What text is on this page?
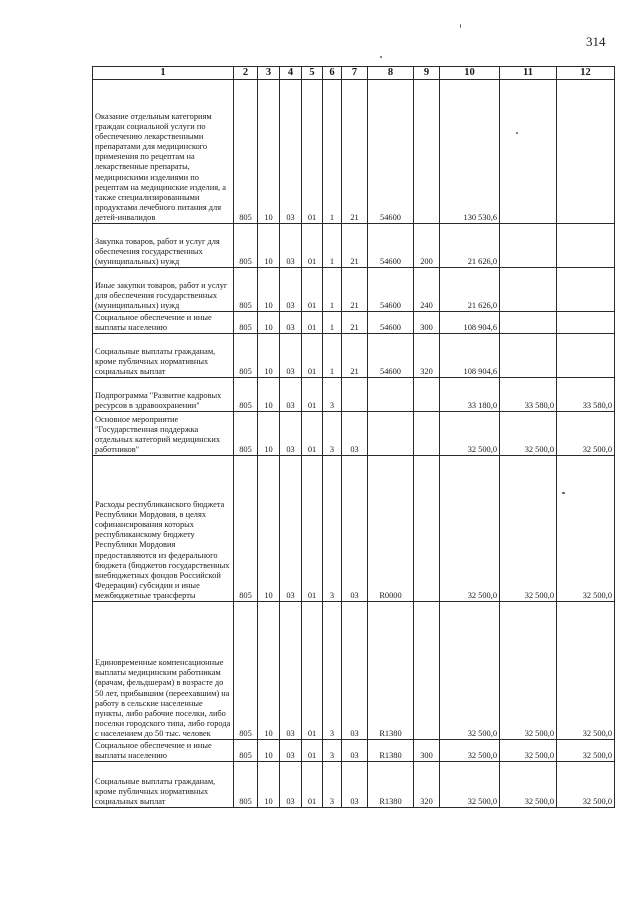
314
1	2	3	4	5	6	7	8	9	10	11	12
Оказание отдельным категориям граждан социальной услуги по обеспечению лекарственными препаратами для медицинского применения по рецептам на лекарственные препараты, медицинскими изделиями по рецептам на медицинские изделия, а также специализированными продуктами лечебного питания для детей-инвалидов	805	10	03	01	1	21	54600		130 530,6		
Закупка товаров, работ и услуг для обеспечения государственных (муниципальных) нужд	805	10	03	01	1	21	54600	200	21 626,0		
Иные закупки товаров, работ и услуг для обеспечения государственных (муниципальных) нужд	805	10	03	01	1	21	54600	240	21 626,0		
Социальное обеспечение и иные выплаты населению	805	10	03	01	1	21	54600	300	108 904,6		
Социальные выплаты гражданам, кроме публичных нормативных социальных выплат	805	10	03	01	1	21	54600	320	108 904,6		
Подпрограмма "Развитие кадровых ресурсов в здравоохранении"	805	10	03	01	3				33 180,0	33 580,0	33 580,0
Основное мероприятие "Государственная поддержка отдельных категорий медицинских работников"	805	10	03	01	3	03			32 500,0	32 500,0	32 500,0
Расходы республиканского бюджета Республики Мордовия, в целях софинансирования которых республиканскому бюджету Республики Мордовия предоставляются из федерального бюджета (бюджетов государственных внебюджетных фондов Российской Федерации) субсидии и иные межбюджетные трансферты	805	10	03	01	3	03	R0000		32 500,0	32 500,0	32 500,0
Единовременные компенсационные выплаты медицинским работникам (врачам, фельдшерам) в возрасте до 50 лет, прибывшим (переехавшим) на работу в сельские населенные пункты, либо рабочие поселки, либо поселки городского типа, либо города с населением до 50 тыс. человек	805	10	03	01	3	03	R1380		32 500,0	32 500,0	32 500,0
Социальное обеспечение и иные выплаты населению	805	10	03	01	3	03	R1380	300	32 500,0	32 500,0	32 500,0
Социальные выплаты гражданам, кроме публичных нормативных социальных выплат	805	10	03	01	3	03	R1380	320	32 500,0	32 500,0	32 500,0
